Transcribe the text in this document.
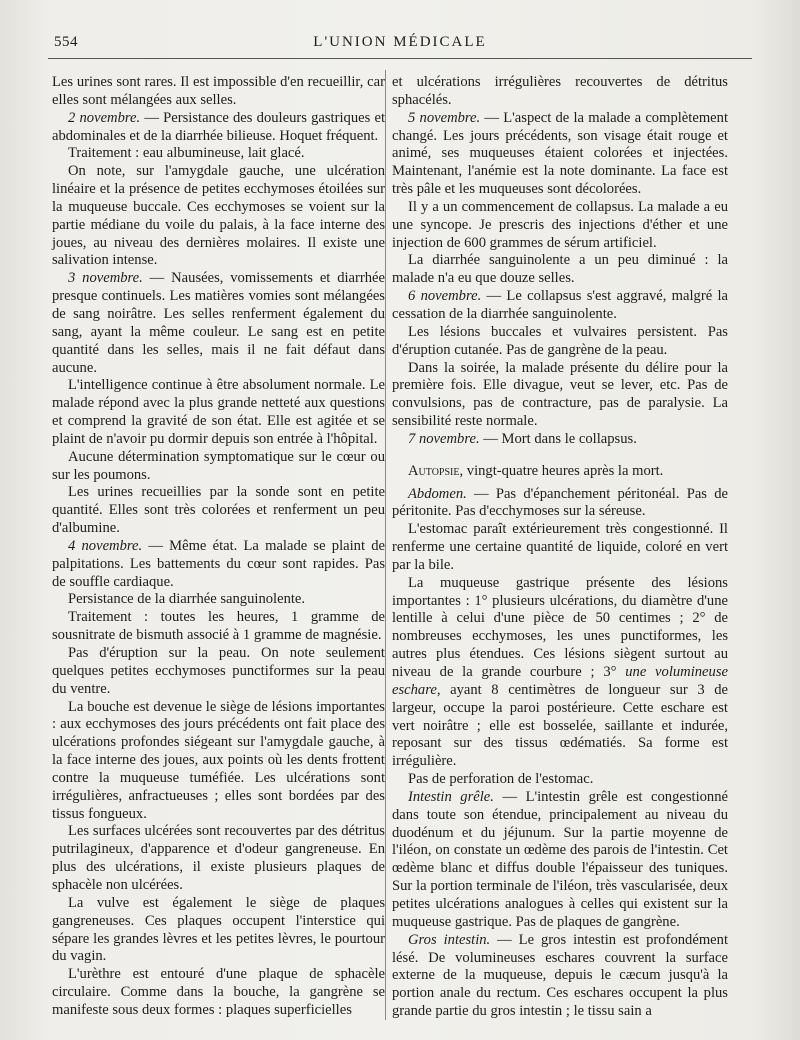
554	L'UNION MÉDICALE

Les urines sont rares. Il est impossible d'en recueillir, car elles sont mélangées aux selles.

2 novembre. — Persistance des douleurs gastriques et abdominales et de la diarrhée bilieuse. Hoquet fréquent.

Traitement : eau albumineuse, lait glacé.

On note, sur l'amygdale gauche, une ulcération linéaire et la présence de petites ecchymoses étoilées sur la muqueuse buccale. Ces ecchymoses se voient sur la partie médiane du voile du palais, à la face interne des joues, au niveau des dernières molaires. Il existe une salivation intense.

3 novembre. — Nausées, vomissements et diarrhée presque continuels. Les matières vomies sont mélangées de sang noirâtre. Les selles renferment également du sang, ayant la même couleur. Le sang est en petite quantité dans les selles, mais il ne fait défaut dans aucune.

L'intelligence continue à être absolument normale. Le malade répond avec la plus grande netteté aux questions et comprend la gravité de son état. Elle est agitée et se plaint de n'avoir pu dormir depuis son entrée à l'hôpital.

Aucune détermination symptomatique sur le cœur ou sur les poumons.

Les urines recueillies par la sonde sont en petite quantité. Elles sont très colorées et renferment un peu d'albumine.

4 novembre. — Même état. La malade se plaint de palpitations. Les battements du cœur sont rapides. Pas de souffle cardiaque.

Persistance de la diarrhée sanguinolente.

Traitement : toutes les heures, 1 gramme de sousnitrate de bismuth associé à 1 gramme de magnésie.

Pas d'éruption sur la peau. On note seulement quelques petites ecchymoses punctiformes sur la peau du ventre.

La bouche est devenue le siège de lésions importantes : aux ecchymoses des jours précédents ont fait place des ulcérations profondes siégeant sur l'amygdale gauche, à la face interne des joues, aux points où les dents frottent contre la muqueuse tuméfiée. Les ulcérations sont irrégulières, anfractueuses ; elles sont bordées par des tissus fongueux.

Les surfaces ulcérées sont recouvertes par des détritus putrilagineux, d'apparence et d'odeur gangreneuse. En plus des ulcérations, il existe plusieurs plaques de sphacèle non ulcérées.

La vulve est également le siège de plaques gangreneuses. Ces plaques occupent l'interstice qui sépare les grandes lèvres et les petites lèvres, le pourtour du vagin.

L'urèthre est entouré d'une plaque de sphacèle circulaire. Comme dans la bouche, la gangrène se manifeste sous deux formes : plaques superficielles

et ulcérations irrégulières recouvertes de détritus sphacélés.

5 novembre. — L'aspect de la malade a complètement changé. Les jours précédents, son visage était rouge et animé, ses muqueuses étaient colorées et injectées. Maintenant, l'anémie est la note dominante. La face est très pâle et les muqueuses sont décolorées.

Il y a un commencement de collapsus. La malade a eu une syncope. Je prescris des injections d'éther et une injection de 600 grammes de sérum artificiel.

La diarrhée sanguinolente a un peu diminué : la malade n'a eu que douze selles.

6 novembre. — Le collapsus s'est aggravé, malgré la cessation de la diarrhée sanguinolente.

Les lésions buccales et vulvaires persistent. Pas d'éruption cutanée. Pas de gangrène de la peau.

Dans la soirée, la malade présente du délire pour la première fois. Elle divague, veut se lever, etc. Pas de convulsions, pas de contracture, pas de paralysie. La sensibilité reste normale.

7 novembre. — Mort dans le collapsus.

Autopsie, vingt-quatre heures après la mort.

Abdomen. — Pas d'épanchement péritonéal. Pas de péritonite. Pas d'ecchymoses sur la séreuse.

L'estomac paraît extérieurement très congestionné. Il renferme une certaine quantité de liquide, coloré en vert par la bile.

La muqueuse gastrique présente des lésions importantes : 1° plusieurs ulcérations, du diamètre d'une lentille à celui d'une pièce de 50 centimes ; 2° de nombreuses ecchymoses, les unes punctiformes, les autres plus étendues. Ces lésions siègent surtout au niveau de la grande courbure ; 3° une volumineuse eschare, ayant 8 centimètres de longueur sur 3 de largeur, occupe la paroi postérieure. Cette eschare est vert noirâtre ; elle est bosselée, saillante et indurée, reposant sur des tissus œdématiés. Sa forme est irrégulière.

Pas de perforation de l'estomac.

Intestin grêle. — L'intestin grêle est congestionné dans toute son étendue, principalement au niveau du duodénum et du jéjunum. Sur la partie moyenne de l'iléon, on constate un œdème des parois de l'intestin. Cet œdème blanc et diffus double l'épaisseur des tuniques. Sur la portion terminale de l'iléon, très vascularisée, deux petites ulcérations analogues à celles qui existent sur la muqueuse gastrique. Pas de plaques de gangrène.

Gros intestin. — Le gros intestin est profondément lésé. De volumineuses eschares couvrent la surface externe de la muqueuse, depuis le cæcum jusqu'à la portion anale du rectum. Ces eschares occupent la plus grande partie du gros intestin ; le tissu sain a
